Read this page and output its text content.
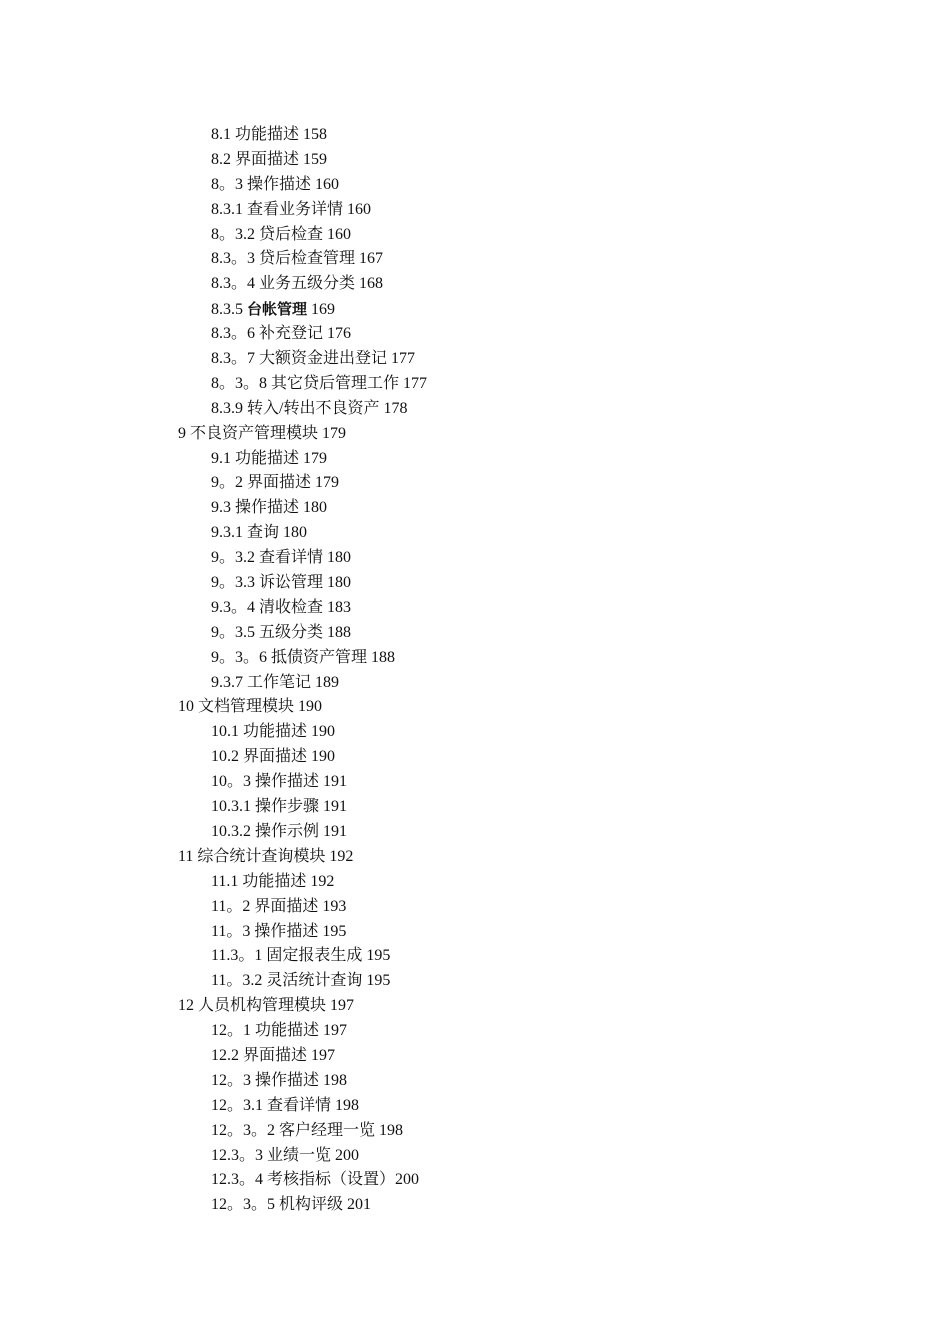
8.1 功能描述 158
8.2 界面描述 159
8。3 操作描述 160
8.3.1 查看业务详情 160
8。3.2 贷后检查 160
8.3。3 贷后检查管理 167
8.3。4 业务五级分类 168
8.3.5 台帐管理 169
8.3。6 补充登记 176
8.3。7 大额资金进出登记 177
8。3。8 其它贷后管理工作 177
8.3.9 转入/转出不良资产 178
9 不良资产管理模块 179
9.1 功能描述 179
9。2 界面描述 179
9.3 操作描述 180
9.3.1 查询 180
9。3.2 查看详情 180
9。3.3 诉讼管理 180
9.3。4 清收检查 183
9。3.5 五级分类 188
9。3。6 抵债资产管理 188
9.3.7 工作笔记 189
10 文档管理模块 190
10.1 功能描述 190
10.2 界面描述 190
10。3 操作描述 191
10.3.1 操作步骤 191
10.3.2 操作示例 191
11 综合统计查询模块 192
11.1 功能描述 192
11。2 界面描述 193
11。3 操作描述 195
11.3。1 固定报表生成 195
11。3.2 灵活统计查询 195
12 人员机构管理模块 197
12。1 功能描述 197
12.2 界面描述 197
12。3 操作描述 198
12。3.1 查看详情 198
12。3。2 客户经理一览 198
12.3。3 业绩一览 200
12.3。4 考核指标（设置）200
12。3。5 机构评级 201
